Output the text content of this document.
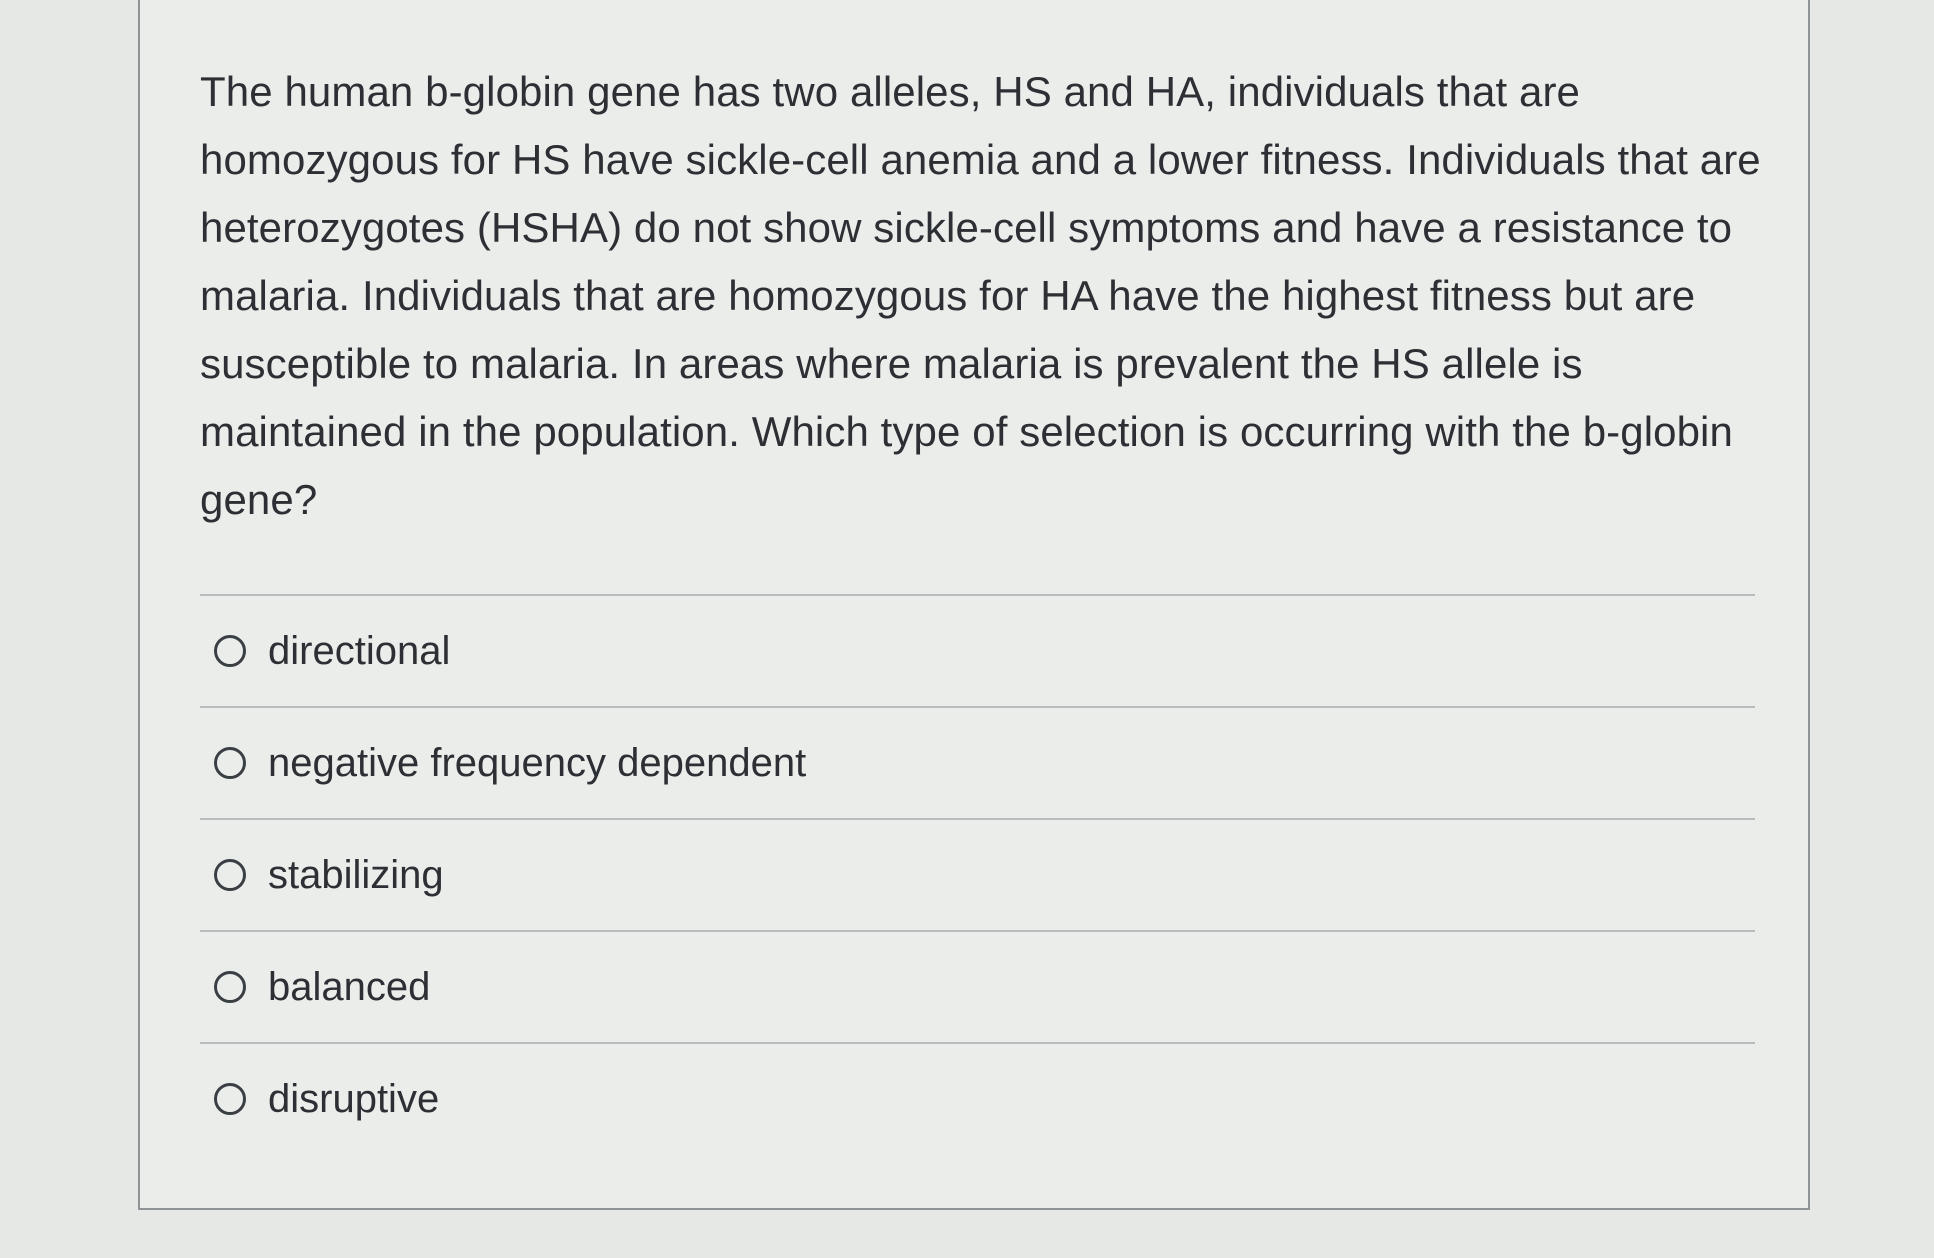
The human b-globin gene has two alleles, HS and HA, individuals that are homozygous for HS have sickle-cell anemia and a lower fitness. Individuals that are heterozygotes (HSHA) do not show sickle-cell symptoms and have a resistance to malaria. Individuals that are homozygous for HA have the highest fitness but are susceptible to malaria. In areas where malaria is prevalent the HS allele is maintained in the population. Which type of selection is occurring with the b-globin gene?

directional
negative frequency dependent
stabilizing
balanced
disruptive
